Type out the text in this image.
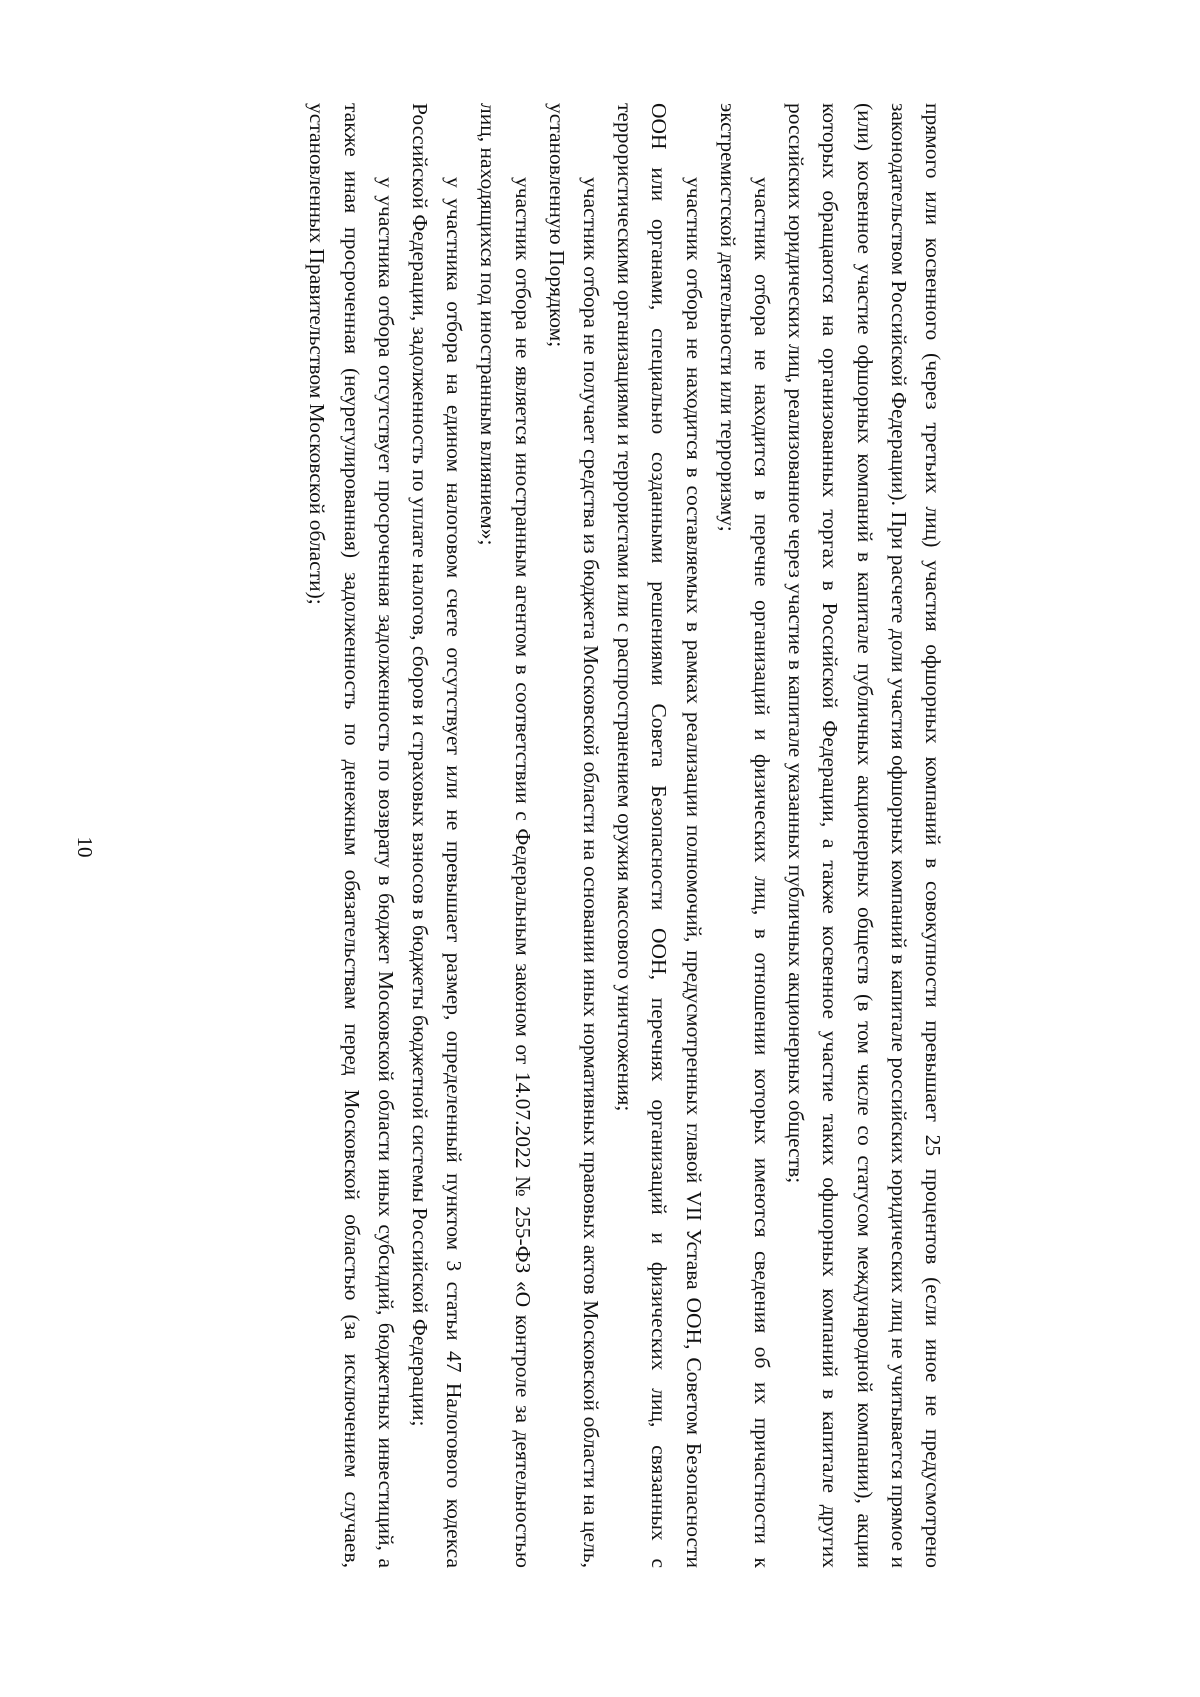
10	прямого или косвенного (через третьих лиц) участия офшорных компаний в совокупности превышает 25 процентов (если иное не предусмотрено законодательством Российской Федерации). При расчете доли участия офшорных компаний в капитале российских юридических лиц не учитывается прямое и (или) косвенное участие офшорных компаний в капитале публичных акционерных обществ (в том числе со статусом международной компании), акции которых обращаются на организованных торгах в Российской Федерации, а также косвенное участие таких офшорных компаний в капитале других российских юридических лиц, реализованное через участие в капитале указанных публичных акционерных обществ;

участник отбора не находится в перечне организаций и физических лиц, в отношении которых имеются сведения об их причастности к экстремистской деятельности или терроризму;

участник отбора не находится в составляемых в рамках реализации полномочий, предусмотренных главой VII Устава ООН, Советом Безопасности ООН или органами, специально созданными решениями Совета Безопасности ООН, перечнях организаций и физических лиц, связанных с террористическими организациями и террористами или с распространением оружия массового уничтожения;

участник отбора не получает средства из бюджета Московской области на основании иных нормативных правовых актов Московской области на цель, установленную Порядком;

участник отбора не является иностранным агентом в соответствии с Федеральным законом от 14.07.2022 № 255-ФЗ «О контроле за деятельностью лиц, находящихся под иностранным влиянием»;

у участника отбора на едином налоговом счете отсутствует или не превышает размер, определенный пунктом 3 статьи 47 Налогового кодекса Российской Федерации, задолженность по уплате налогов, сборов и страховых взносов в бюджеты бюджетной системы Российской Федерации;

у участника отбора отсутствует просроченная задолженность по возврату в бюджет Московской области иных субсидий, бюджетных инвестиций, а также иная просроченная (неурегулированная) задолженность по денежным обязательствам перед Московской областью (за исключением случаев, установленных Правительством Московской области);
